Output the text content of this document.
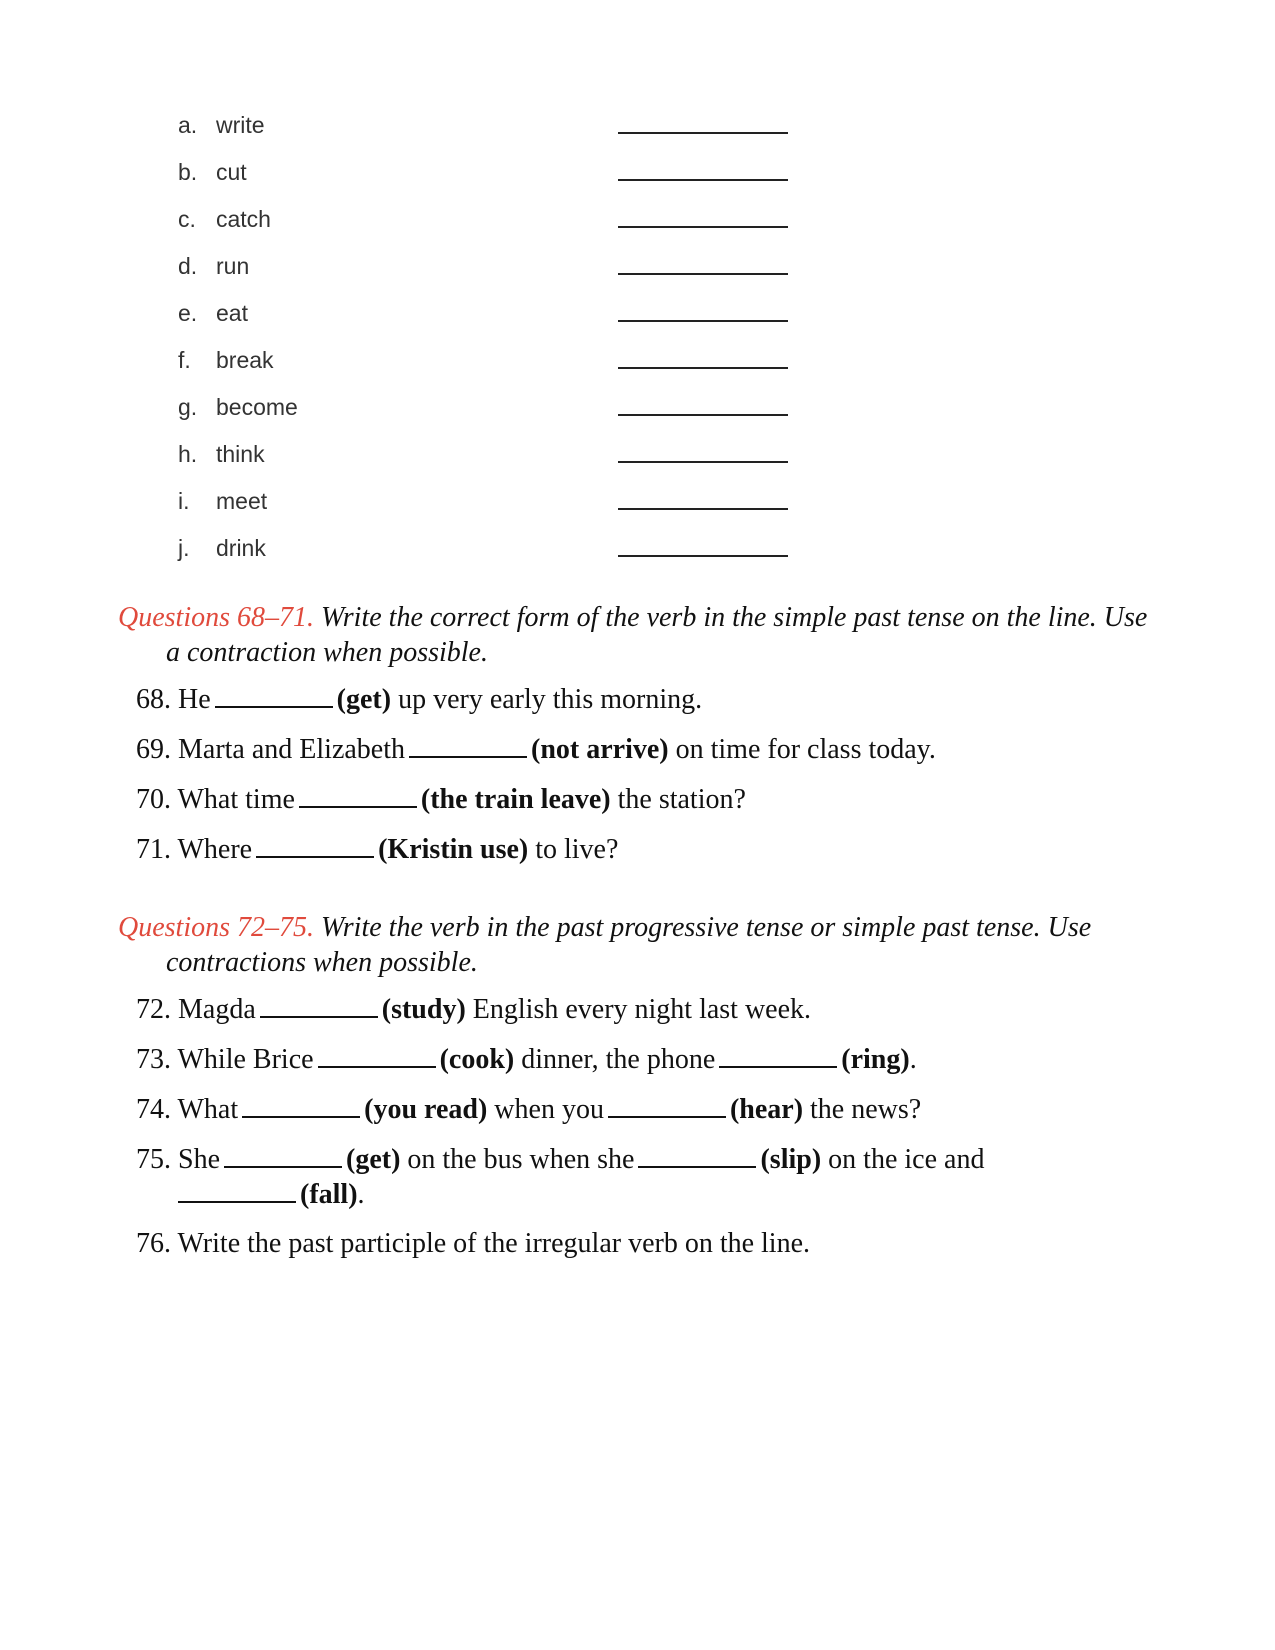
a. write
b. cut
c. catch
d. run
e. eat
f. break
g. become
h. think
i. meet
j. drink

Questions 68–71. Write the correct form of the verb in the simple past tense on the line. Use a contraction when possible.

68. He	(get) up very early this morning.
69. Marta and Elizabeth	(not arrive) on time for class today.
70. What time	(the train leave) the station?
71. Where	(Kristin use) to live?

Questions 72–75. Write the verb in the past progressive tense or simple past tense. Use contractions when possible.

72. Magda	(study) English every night last week.
73. While Brice	(cook) dinner, the phone	(ring).
74. What	(you read) when you	(hear) the news?
75. She	(get) on the bus when she	(slip) on the ice and
(fall).
76. Write the past participle of the irregular verb on the line.
